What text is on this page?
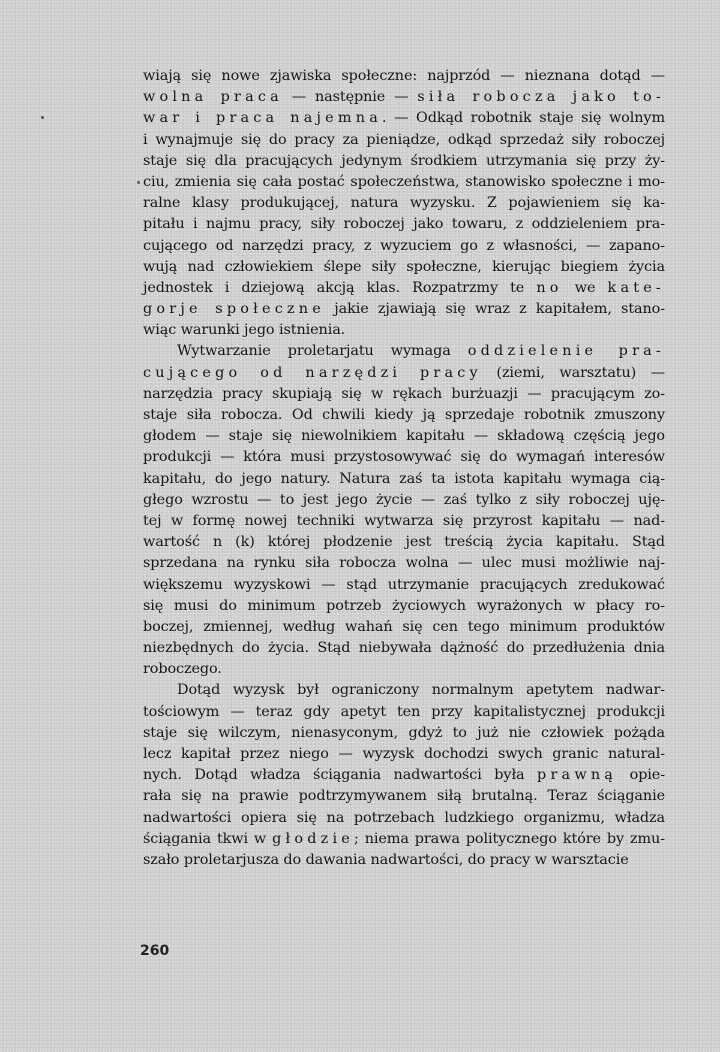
wiają się nowe zjawiska społeczne: najprzód — nieznana dotąd —
wolna praca — następnie — siła robocza jako to-
war i praca najemna. — Odkąd robotnik staje się wolnym
i wynajmuje się do pracy za pieniądze, odkąd sprzedaż siły roboczej
staje się dla pracujących jedynym środkiem utrzymania się przy ży-
ciu, zmienia się cała postać społeczeństwa, stanowisko społeczne i mo-
ralne klasy produkującej, natura wyzysku. Z pojawieniem się ka-
pitału i najmu pracy, siły roboczej jako towaru, z oddzieleniem pra-
cującego od narzędzi pracy, z wyzuciem go z własności, — zapano-
wują nad człowiekiem ślepe siły społeczne, kierując biegiem życia
jednostek i dziejową akcją klas. Rozpatrzmy te no we kate-
gorje społeczne jakie zjawiają się wraz z kapitałem, stano-
wiąc warunki jego istnienia.
Wytwarzanie proletarjatu wymaga oddzielenie pra-
cującego od narzędzi pracy (ziemi, warsztatu) —
narzędzia pracy skupiają się w rękach burżuazji — pracującym zo-
staje siła robocza. Od chwili kiedy ją sprzedaje robotnik zmuszony
głodem — staje się niewolnikiem kapitału — składową częścią jego
produkcji — która musi przystosowywać się do wymagań interesów
kapitału, do jego natury. Natura zaś ta istota kapitału wymaga cią-
głego wzrostu — to jest jego życie — zaś tylko z siły roboczej uję-
tej w formę nowej techniki wytwarza się przyrost kapitału — nad-
wartość n (k) której płodzenie jest treścią życia kapitału. Stąd
sprzedana na rynku siła robocza wolna — ulec musi możliwie naj-
większemu wyzyskowi — stąd utrzymanie pracujących zredukować
się musi do minimum potrzeb życiowych wyrażonych w płacy ro-
boczej, zmiennej, według wahań się cen tego minimum produktów
niezbędnych do życia. Stąd niebywała dążność do przedłużenia dnia
roboczego.
Dotąd wyzysk był ograniczony normalnym apetytem nadwar-
tościowym — teraz gdy apetyt ten przy kapitalistycznej produkcji
staje się wilczym, nienasyconym, gdyż to już nie człowiek pożąda
lecz kapitał przez niego — wyzysk dochodzi swych granic natural-
nych. Dotąd władza ściągania nadwartości była prawną opie-
rała się na prawie podtrzymywanem siłą brutalną. Teraz ściąganie
nadwartości opiera się na potrzebach ludzkiego organizmu, władza
ściągania tkwi w głodzie; niema prawa politycznego które by zmu-
szało proletarjusza do dawania nadwartości, do pracy w warsztacie
260
